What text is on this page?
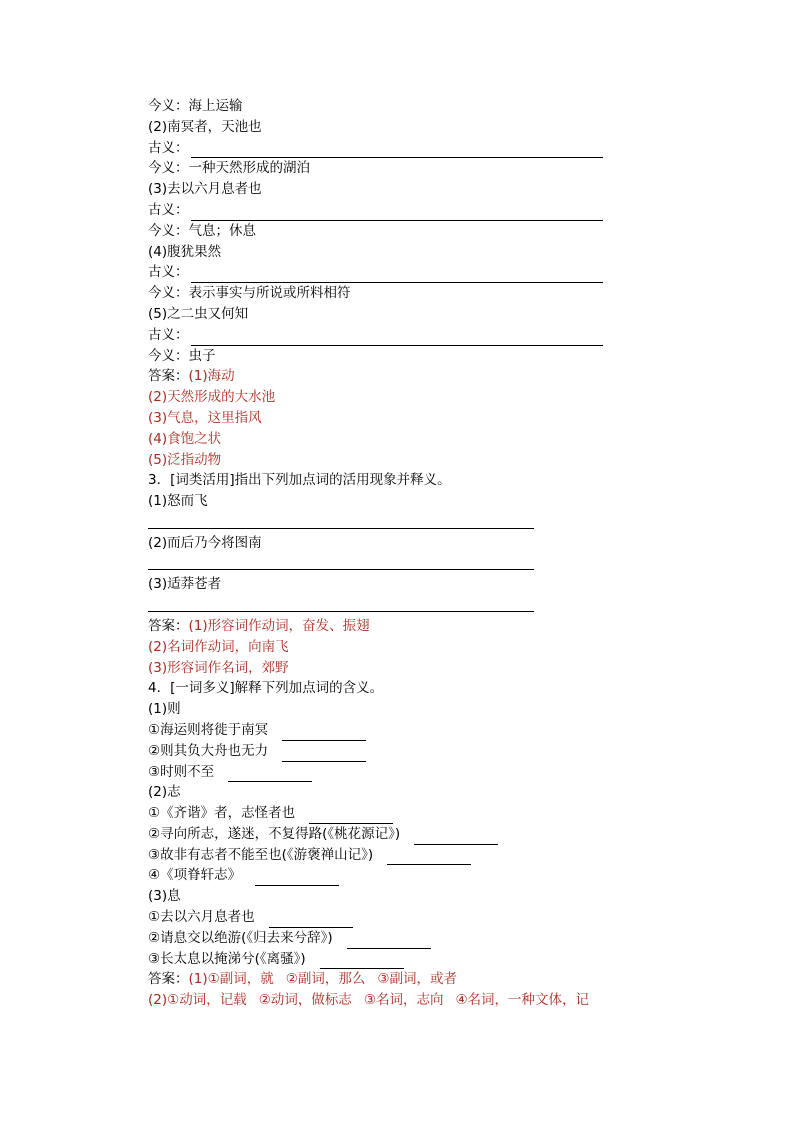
今义：海上运输
(2)南冥者，天池也
古义：
今义：一种天然形成的湖泊
(3)去以六月息者也
古义：
今义：气息；休息
(4)腹犹果然
古义：
今义：表示事实与所说或所料相符
(5)之二虫又何知
古义：
今义：虫子
答案：(1)海动
(2)天然形成的大水池
(3)气息，这里指风
(4)食饱之状
(5)泛指动物
3．[词类活用]指出下列加点词的活用现象并释义。
(1)怒而飞
(2)而后乃今将图南
(3)适莽苍者
答案：(1)形容词作动词，奋发、振翅
(2)名词作动词，向南飞
(3)形容词作名词，郊野
4．[一词多义]解释下列加点词的含义。
(1)则
①海运则将徙于南冥
②则其负大舟也无力
③时则不至
(2)志
①《齐谐》者，志怪者也
②寻向所志，遂迷，不复得路(《桃花源记》)
③故非有志者不能至也(《游褒禅山记》)
④《项脊轩志》
(3)息
①去以六月息者也
②请息交以绝游(《归去来兮辞》)
③长太息以掩涕兮(《离骚》)
答案：(1)①副词，就 ②副词，那么 ③副词，或者
(2)①动词，记载 ②动词，做标志 ③名词，志向 ④名词，一种文体，记
